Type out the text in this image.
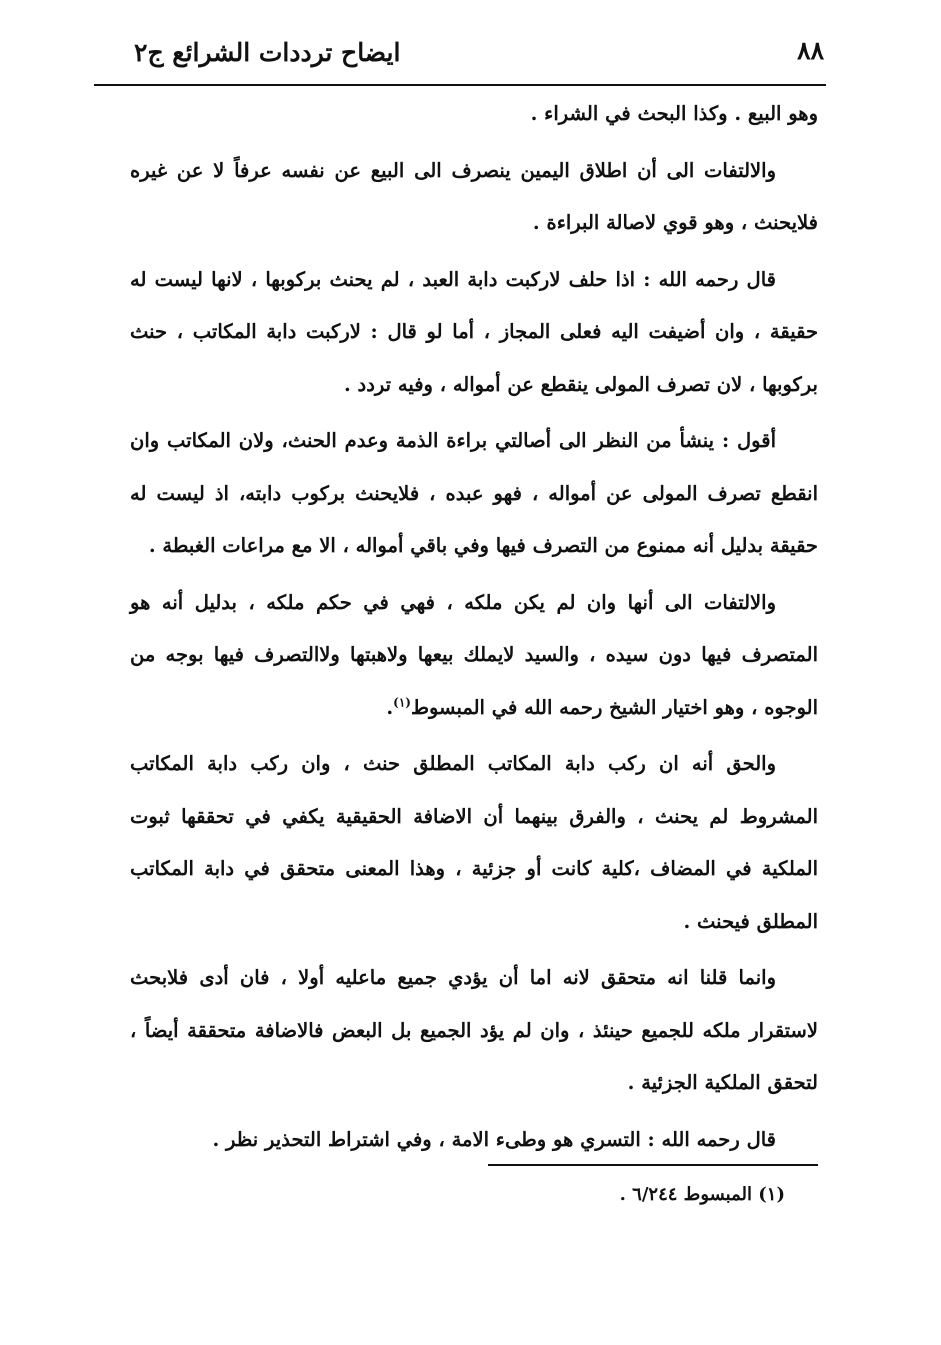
٨٨
ايضاح ترددات الشرائع ج٢

وهو البيع . وكذا البحث في الشراء .

والالتفات الى أن اطلاق اليمين ينصرف الى البيع عن نفسه عرفاً لا عن غيره فلايحنث ، وهو قوي لاصالة البراءة .

قال رحمه الله : اذا حلف لاركبت دابة العبد ، لم يحنث بركوبها ، لانها ليست له حقيقة ، وان أضيفت اليه فعلى المجاز ، أما لو قال : لاركبت دابة المكاتب ، حنث بركوبها ، لان تصرف المولى ينقطع عن أمواله ، وفيه تردد .

أقول : ينشأ من النظر الى أصالتي براءة الذمة وعدم الحنث، ولان المكاتب وان انقطع تصرف المولى عن أمواله ، فهو عبده ، فلايحنث بركوب دابته، اذ ليست له حقيقة بدليل أنه ممنوع من التصرف فيها وفي باقي أمواله ، الا مع مراعات الغبطة .

والالتفات الى أنها وان لم يكن ملكه ، فهي في حكم ملكه ، بدليل أنه هو المتصرف فيها دون سيده ، والسيد لايملك بيعها ولاهبتها ولاالتصرف فيها بوجه من الوجوه ، وهو اختيار الشيخ رحمه الله في المبسوط$^{(١)}$.

والحق أنه ان ركب دابة المكاتب المطلق حنث ، وان ركب دابة المكاتب المشروط لم يحنث ، والفرق بينهما أن الاضافة الحقيقية يكفي في تحققها ثبوت الملكية في المضاف ،كلية كانت أو جزئية ، وهذا المعنى متحقق في دابة المكاتب المطلق فيحنث .

وانما قلنا انه متحقق لانه اما أن يؤدي جميع ماعليه أولا ، فان أدى فلابحث لاستقرار ملكه للجميع حينئذ ، وان لم يؤد الجميع بل البعض فالاضافة متحققة أيضاً ، لتحقق الملكية الجزئية .

قال رحمه الله : التسري هو وطىء الامة ، وفي اشتراط التحذير نظر .

(١) المبسوط ٦/٢٤٤ .
